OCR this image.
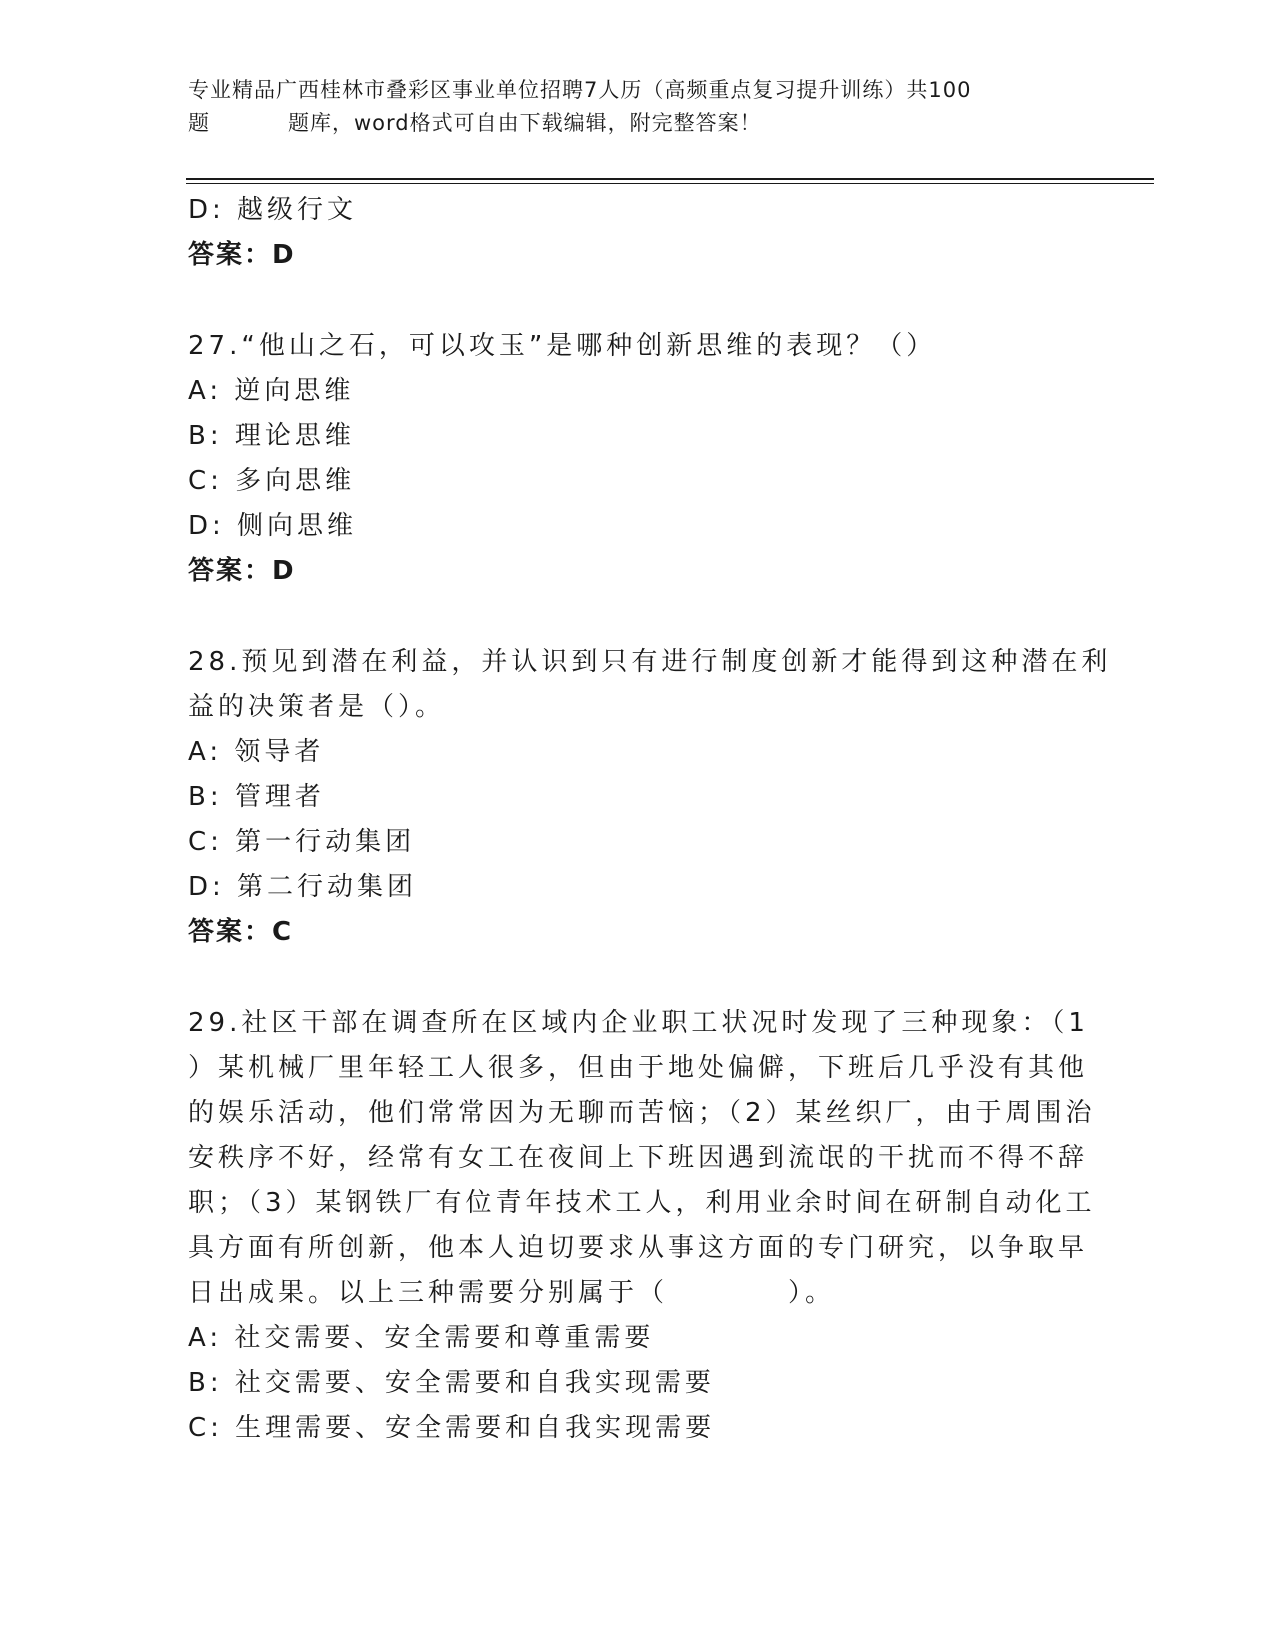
专业精品广西桂林市叠彩区事业单位招聘7人历（高频重点复习提升训练）共100
题	题库，word格式可自由下载编辑，附完整答案！
D: 越级行文
答案：D
27.“他山之石，可以攻玉”是哪种创新思维的表现？（）
A: 逆向思维
B: 理论思维
C: 多向思维
D: 侧向思维
答案：D
28.预见到潜在利益，并认识到只有进行制度创新才能得到这种潜在利
益的决策者是（）。
A: 领导者
B: 管理者
C: 第一行动集团
D: 第二行动集团
答案：C
29.社区干部在调查所在区域内企业职工状况时发现了三种现象：（1
）某机械厂里年轻工人很多，但由于地处偏僻，下班后几乎没有其他
的娱乐活动，他们常常因为无聊而苦恼；（2）某丝织厂，由于周围治
安秩序不好，经常有女工在夜间上下班因遇到流氓的干扰而不得不辞
职；（3）某钢铁厂有位青年技术工人，利用业余时间在研制自动化工
具方面有所创新，他本人迫切要求从事这方面的专门研究，以争取早
日出成果。以上三种需要分别属于（　　　　）。
A: 社交需要、安全需要和尊重需要
B: 社交需要、安全需要和自我实现需要
C: 生理需要、安全需要和自我实现需要
